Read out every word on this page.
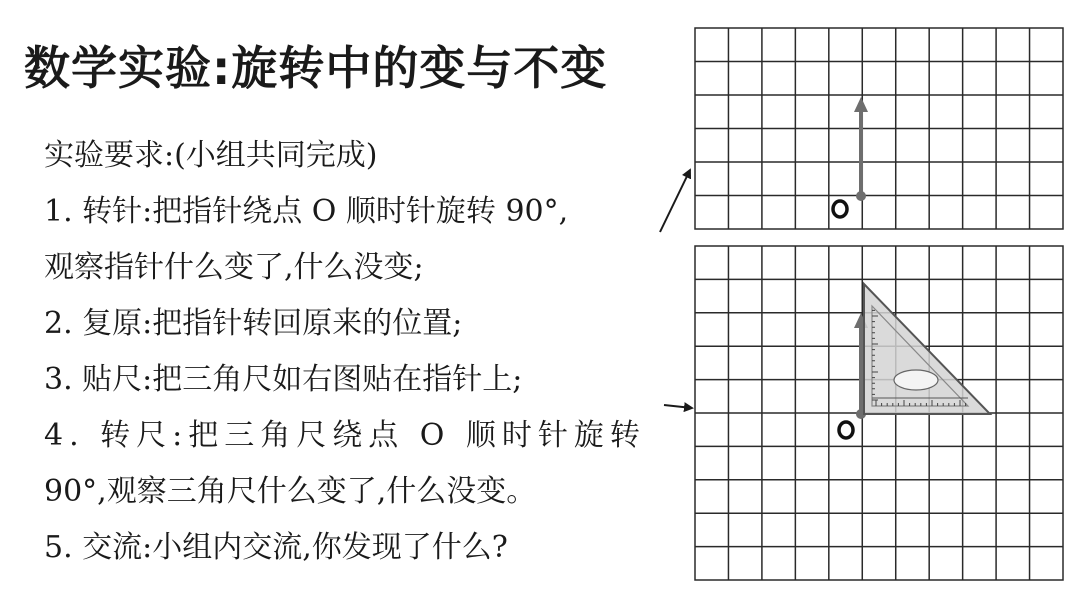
数学实验:旋转中的变与不变
实验要求:(小组共同完成)
1. 转针:把指针绕点 O 顺时针旋转 90°,
观察指针什么变了,什么没变;
2. 复原:把指针转回原来的位置;
3. 贴尺:把三角尺如右图贴在指针上;
4. 转尺:把三角尺绕点 O 顺时针旋转
90°,观察三角尺什么变了,什么没变。
5. 交流:小组内交流,你发现了什么?
